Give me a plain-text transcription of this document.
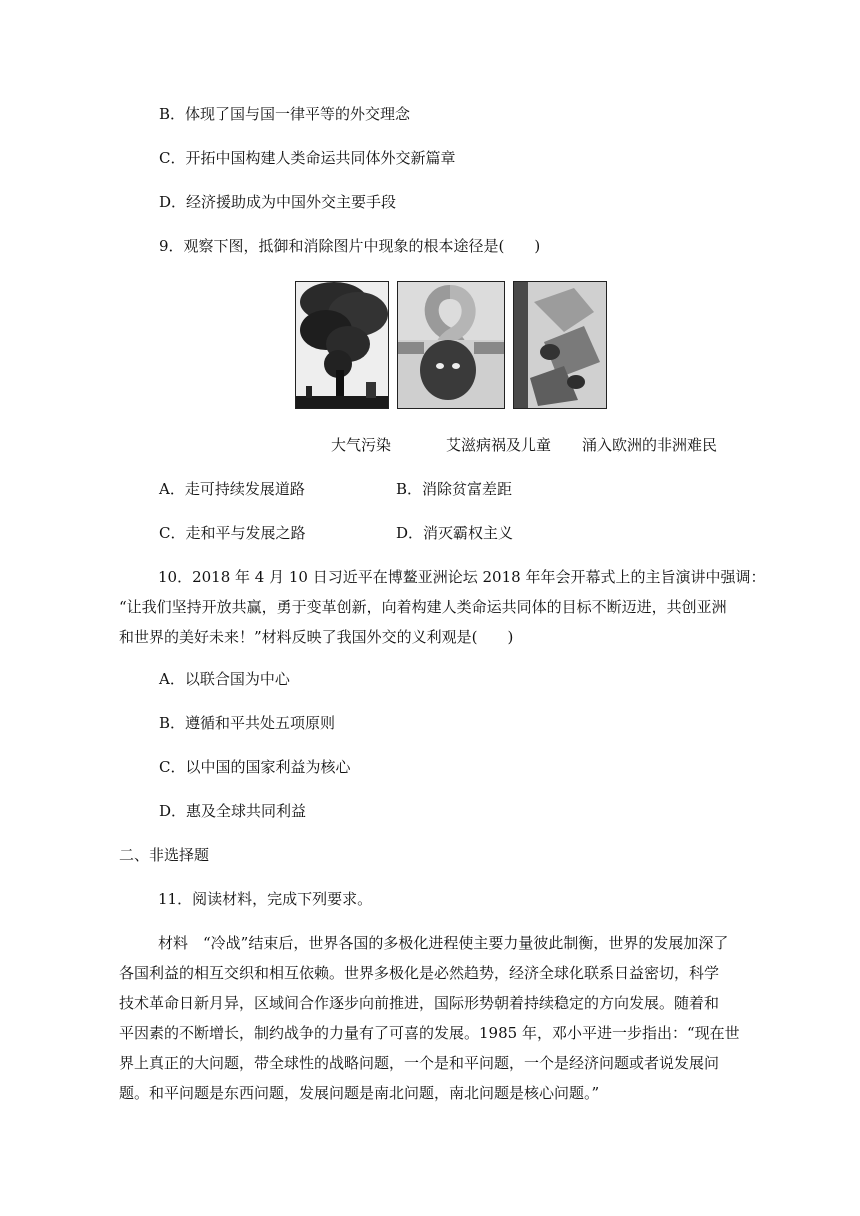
B．体现了国与国一律平等的外交理念
C．开拓中国构建人类命运共同体外交新篇章
D．经济援助成为中国外交主要手段
9．观察下图，抵御和消除图片中现象的根本途径是(　　)
大气污染	艾滋病祸及儿童 涌入欧洲的非洲难民
A．走可持续发展道路	B．消除贫富差距
C．走和平与发展之路	D．消灭霸权主义
10．2018 年 4 月 10 日习近平在博鳌亚洲论坛 2018 年年会开幕式上的主旨演讲中强调：
“让我们坚持开放共赢，勇于变革创新，向着构建人类命运共同体的目标不断迈进，共创亚洲
和世界的美好未来！”材料反映了我国外交的义利观是(　　)
A．以联合国为中心
B．遵循和平共处五项原则
C．以中国的国家利益为核心
D．惠及全球共同利益
二、非选择题
11．阅读材料，完成下列要求。
材料　“冷战”结束后，世界各国的多极化进程使主要力量彼此制衡，世界的发展加深了
各国利益的相互交织和相互依赖。世界多极化是必然趋势，经济全球化联系日益密切，科学
技术革命日新月异，区域间合作逐步向前推进，国际形势朝着持续稳定的方向发展。随着和
平因素的不断增长，制约战争的力量有了可喜的发展。1985 年，邓小平进一步指出：“现在世
界上真正的大问题，带全球性的战略问题，一个是和平问题，一个是经济问题或者说发展问
题。和平问题是东西问题，发展问题是南北问题，南北问题是核心问题。”
